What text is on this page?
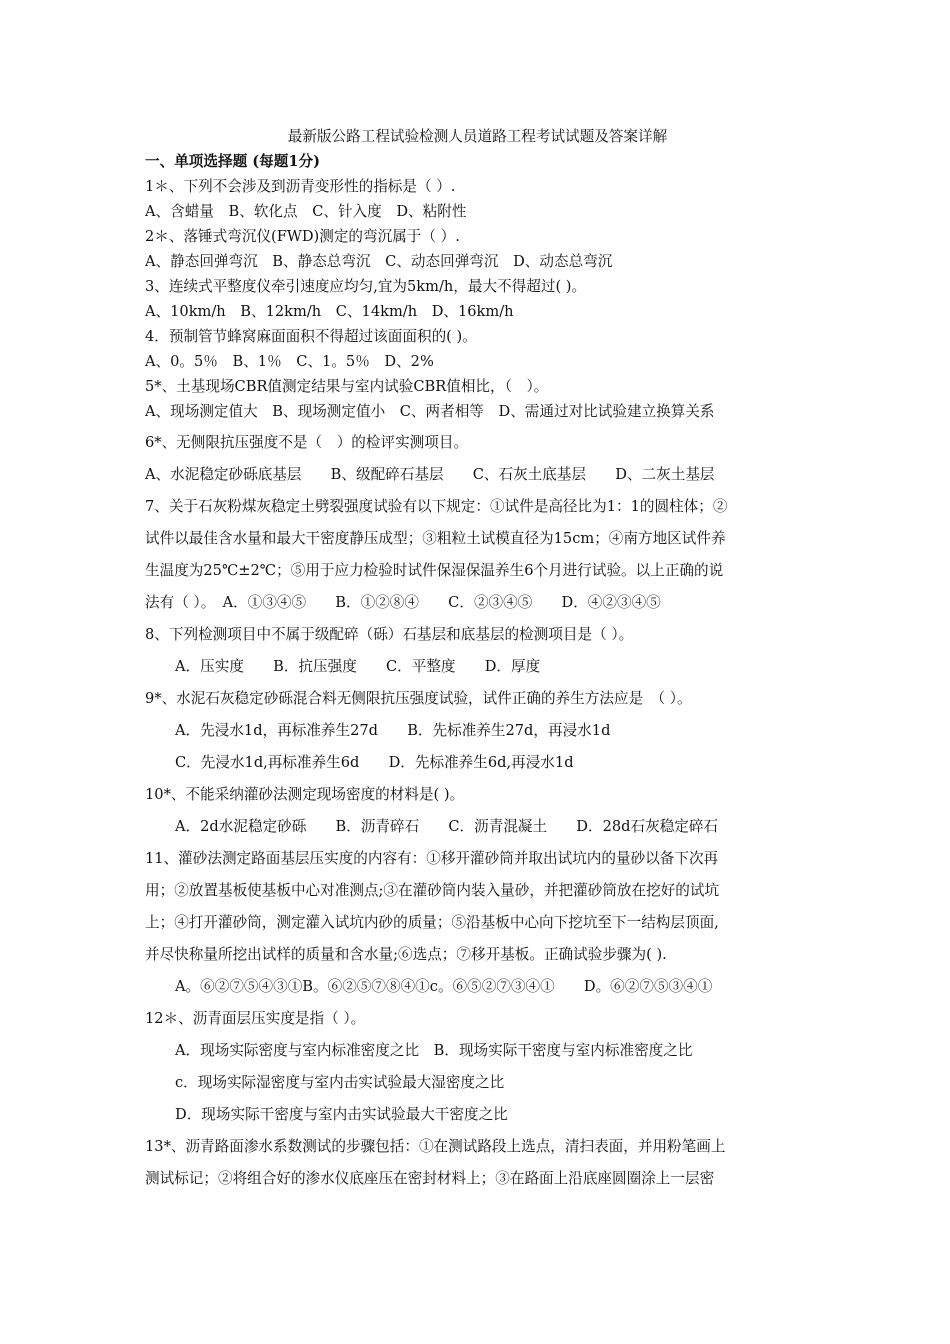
最新版公路工程试验检测人员道路工程考试试题及答案详解
一、单项选择题 (每题1分)
1＊、下列不会涉及到沥青变形性的指标是（ ）.
A、含蜡量　B、软化点　C、针入度　D、粘附性
2＊、落锤式弯沉仪(FWD)测定的弯沉属于（ ）.
A、静态回弹弯沉　B、静态总弯沉　C、动态回弹弯沉　D、动态总弯沉
3、连续式平整度仪牵引速度应均匀,宜为5km/h，最大不得超过( )。
A、10km/h　B、12km/h　C、14km/h　D、16km/h
4．预制管节蜂窝麻面面积不得超过该面面积的( )。
A、0。5％　B、1％　C、1。5％　D、2%
5*、土基现场CBR值测定结果与室内试验CBR值相比，（　）。
A、现场测定值大　B、现场测定值小　C、两者相等　D、需通过对比试验建立换算关系
6*、无侧限抗压强度不是（　）的检评实测项目。
A、水泥稳定砂砾底基层　　B、级配碎石基层　　C、石灰土底基层　　D、二灰土基层
7、关于石灰粉煤灰稳定土劈裂强度试验有以下规定：①试件是高径比为1：1的圆柱体；②
试件以最佳含水量和最大干密度静压成型；③粗粒土试模直径为15cm；④南方地区试件养
生温度为25℃±2℃；⑤用于应力检验时试件保湿保温养生6个月进行试验。以上正确的说
法有（ ）。　A．①③④⑤　　B．①②⑧④　　C．②③④⑤　　D．④②③④⑤
8、下列检测项目中不属于级配碎（砾）石基层和底基层的检测项目是（ ）。
A．压实度　　B．抗压强度　　C．平整度　　D．厚度
9*、水泥石灰稳定砂砾混合料无侧限抗压强度试验，试件正确的养生方法应是　（ ）。
A．先浸水1d，再标准养生27d　　B．先标准养生27d，再浸水1d
C．先浸水1d,再标准养生6d　　D．先标准养生6d,再浸水1d
10*、不能采纳灌砂法测定现场密度的材料是( )。
A．2d水泥稳定砂砾　　B．沥青碎石　　C．沥青混凝土　　D．28d石灰稳定碎石
11、灌砂法测定路面基层压实度的内容有：①移开灌砂筒并取出试坑内的量砂以备下次再
用；②放置基板使基板中心对准测点;③在灌砂筒内装入量砂，并把灌砂筒放在挖好的试坑
上；④打开灌砂筒，测定灌入试坑内砂的质量；⑤沿基板中心向下挖坑至下一结构层顶面,
并尽快称量所挖出试样的质量和含水量;⑥选点；⑦移开基板。正确试验步骤为( ).
A。⑥②⑦⑤④③①B。⑥②⑤⑦⑧④①c。⑥⑤②⑦③④①　　D。⑥②⑦⑤③④①
12＊、沥青面层压实度是指（ ）。
A．现场实际密度与室内标准密度之比　B．现场实际干密度与室内标准密度之比
c．现场实际湿密度与室内击实试验最大湿密度之比
D．现场实际干密度与室内击实试验最大干密度之比
13*、沥青路面渗水系数测试的步骤包括：①在测试路段上选点，清扫表面，并用粉笔画上
测试标记；②将组合好的渗水仪底座压在密封材料上；③在路面上沿底座圆圈涂上一层密
